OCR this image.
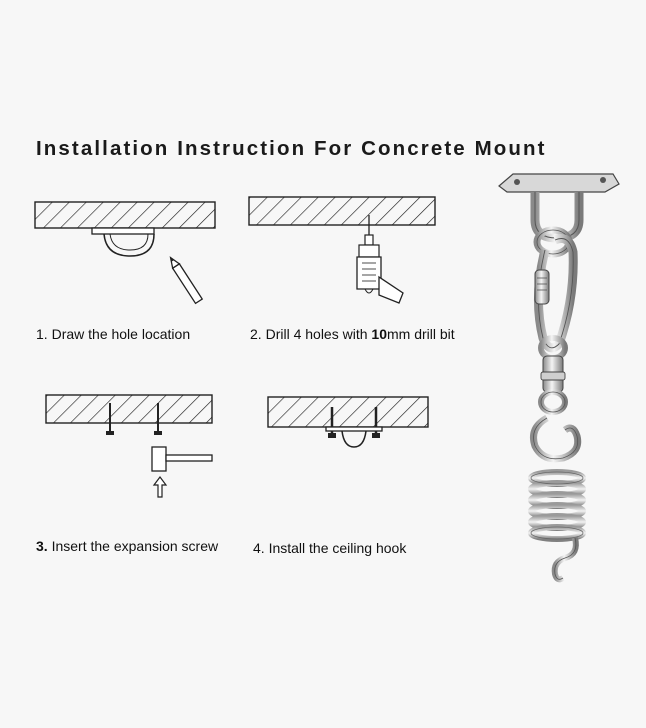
Installation Instruction For Concrete Mount
1. Draw the hole location	2. Drill 4 holes with 10mm drill bit
3. Insert the expansion screw 4. Install the ceiling hook
